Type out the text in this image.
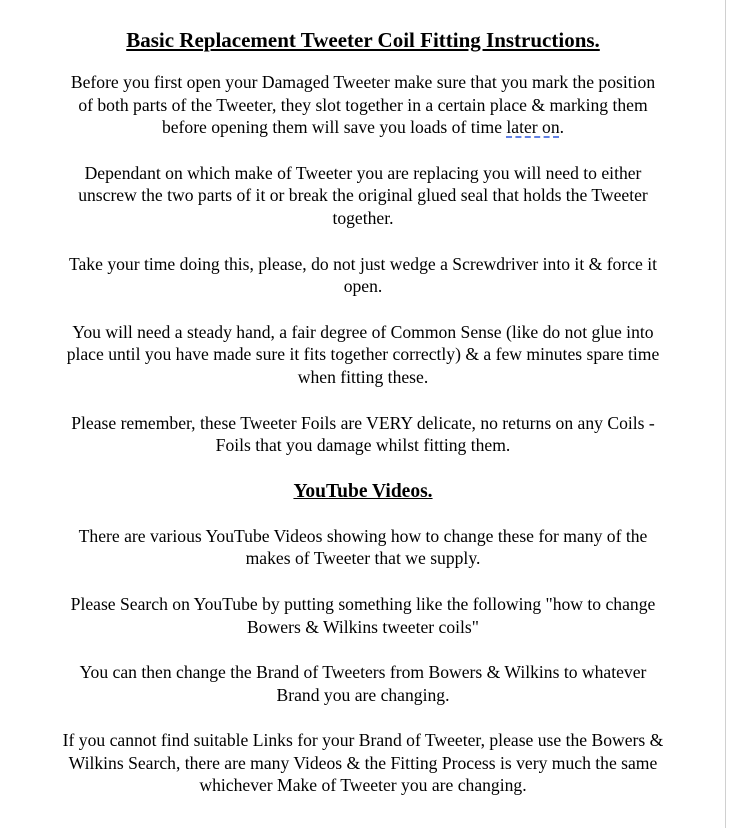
Basic Replacement Tweeter Coil Fitting Instructions.
Before you first open your Damaged Tweeter make sure that you mark the position of both parts of the Tweeter, they slot together in a certain place & marking them before opening them will save you loads of time later on.
Dependant on which make of Tweeter you are replacing you will need to either unscrew the two parts of it or break the original glued seal that holds the Tweeter together.
Take your time doing this, please, do not just wedge a Screwdriver into it & force it open.
You will need a steady hand, a fair degree of Common Sense (like do not glue into place until you have made sure it fits together correctly) & a few minutes spare time when fitting these.
Please remember, these Tweeter Foils are VERY delicate, no returns on any Coils - Foils that you damage whilst fitting them.
YouTube Videos.
There are various YouTube Videos showing how to change these for many of the makes of Tweeter that we supply.
Please Search on YouTube by putting something like the following "how to change Bowers & Wilkins tweeter coils"
You can then change the Brand of Tweeters from Bowers & Wilkins to whatever Brand you are changing.
If you cannot find suitable Links for your Brand of Tweeter, please use the Bowers & Wilkins Search, there are many Videos & the Fitting Process is very much the same whichever Make of Tweeter you are changing.
